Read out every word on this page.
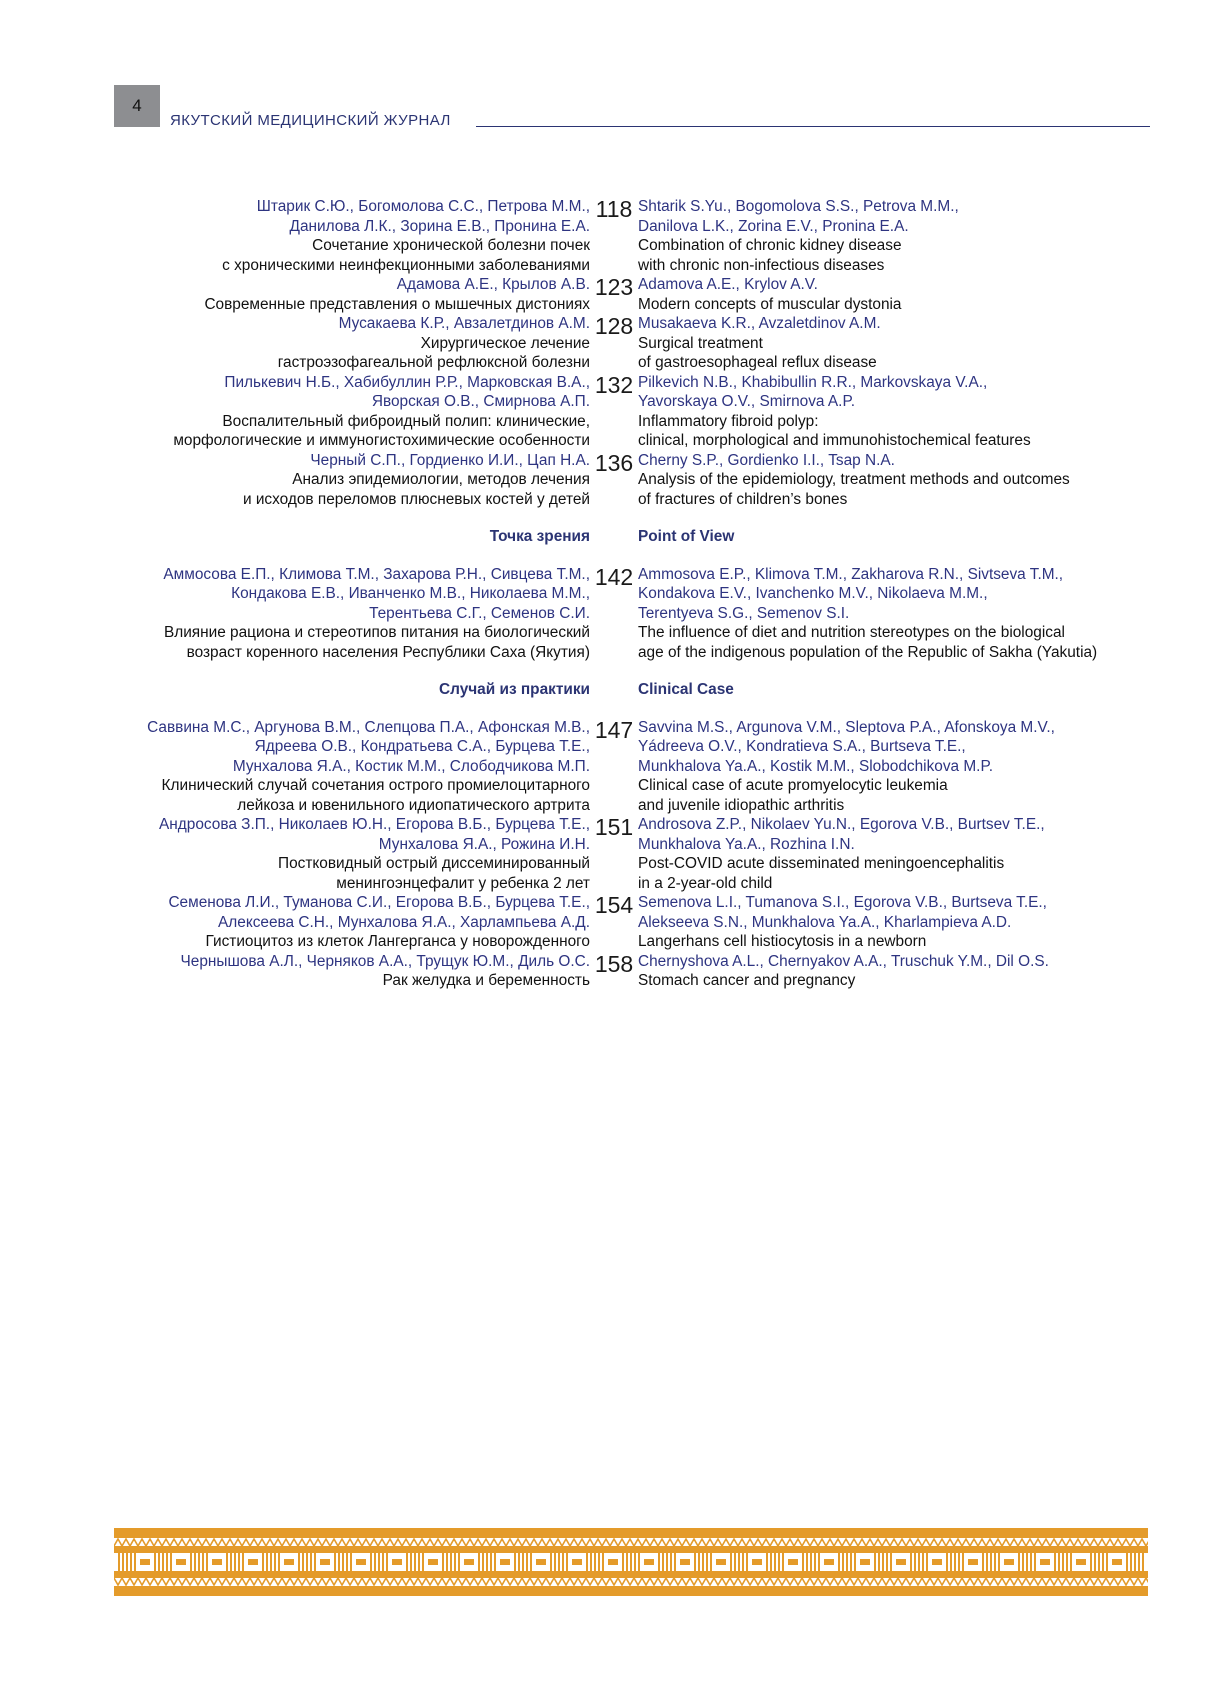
4
ЯКУТСКИЙ МЕДИЦИНСКИЙ ЖУРНАЛ
Штарик С.Ю., Богомолова С.С., Петрова М.М.,
Данилова Л.К., Зорина Е.В., Пронина Е.А.
Сочетание хронической болезни почек
с хроническими неинфекционными заболеваниями
118 Shtarik S.Yu., Bogomolova S.S., Petrova M.M.,
Danilova L.K., Zorina E.V., Pronina E.A.
Combination of chronic kidney disease
with chronic non-infectious diseases
Адамова А.Е., Крылов А.В.
Современные представления о мышечных дистониях
123 Adamova A.E., Krylov A.V.
Modern concepts of muscular dystonia
Мусакаева К.Р., Авзалетдинов А.М.
Хирургическое лечение
гастроэзофагеальной рефлюксной болезни
128 Musakaeva K.R., Avzaletdinov A.M.
Surgical treatment
of gastroesophageal reflux disease
Пилькевич Н.Б., Хабибуллин Р.Р., Марковская В.А.,
Яворская О.В., Смирнова А.П.
Воспалительный фиброидный полип: клинические,
морфологические и иммуногистохимические особенности
132 Pilkevich N.B., Khabibullin R.R., Markovskaya V.A.,
Yavorskaya O.V., Smirnova A.P.
Inflammatory fibroid polyp:
clinical, morphological and immunohistochemical features
Черный С.П., Гордиенко И.И., Цап Н.А.
Анализ эпидемиологии, методов лечения
и исходов переломов плюсневых костей у детей
136 Cherny S.P., Gordienko I.I., Tsap N.A.
Analysis of the epidemiology, treatment methods and outcomes
of fractures of children’s bones
Точка зрения	Point of View
Аммосова Е.П., Климова Т.М., Захарова Р.Н., Сивцева Т.М.,
Кондакова Е.В., Иванченко М.В., Николаева М.М.,
Терентьева С.Г., Семенов С.И.
Влияние рациона и стереотипов питания на биологический
возраст коренного населения Республики Саха (Якутия)
142 Ammosova E.P., Klimova T.M., Zakharova R.N., Sivtseva T.M.,
Kondakova E.V., Ivanchenko M.V., Nikolaeva M.M.,
Terentyeva S.G., Semenov S.I.
The influence of diet and nutrition stereotypes on the biological
age of the indigenous population of the Republic of Sakha (Yakutia)
Случай из практики	Clinical Case
Саввина М.С., Аргунова В.М., Слепцова П.А., Афонская М.В.,
Ядреева О.В., Кондратьева С.А., Бурцева Т.Е.,
Мунхалова Я.А., Костик М.М., Слободчикова М.П.
Клинический случай сочетания острого промиелоцитарного
лейкоза и ювенильного идиопатического артрита
147 Savvina M.S., Argunova V.M., Sleptova P.A., Afonskoya M.V.,
Yádreeva O.V., Kondratieva S.A., Burtseva T.E.,
Munkhalova Ya.A., Kostik M.M., Slobodchikova M.P.
Clinical case of acute promyelocytic leukemia
and juvenile idiopathic arthritis
Андросова З.П., Николаев Ю.Н., Егорова В.Б., Бурцева Т.Е.,
Мунхалова Я.А., Рожина И.Н.
Постковидный острый диссеминированный
менингоэнцефалит у ребенка 2 лет
151 Androsova Z.P., Nikolaev Yu.N., Egorova V.B., Burtsev T.E.,
Munkhalova Ya.A., Rozhina I.N.
Post-COVID acute disseminated meningoencephalitis
in a 2-year-old child
Семенова Л.И., Туманова С.И., Егорова В.Б., Бурцева Т.Е.,
Алексеева С.Н., Мунхалова Я.А., Харлампьева А.Д.
Гистиоцитоз из клеток Лангерганса у новорожденного
154 Semenova L.I., Tumanova S.I., Egorova V.B., Burtseva T.E.,
Alekseeva S.N., Munkhalova Ya.A., Kharlampieva A.D.
Langerhans cell histiocytosis in a newborn
Чернышова А.Л., Черняков А.А., Трущук Ю.М., Диль О.С.
Рак желудка и беременность
158 Chernyshova A.L., Chernyakov A.A., Truschuk Y.M., Dil O.S.
Stomach cancer and pregnancy
